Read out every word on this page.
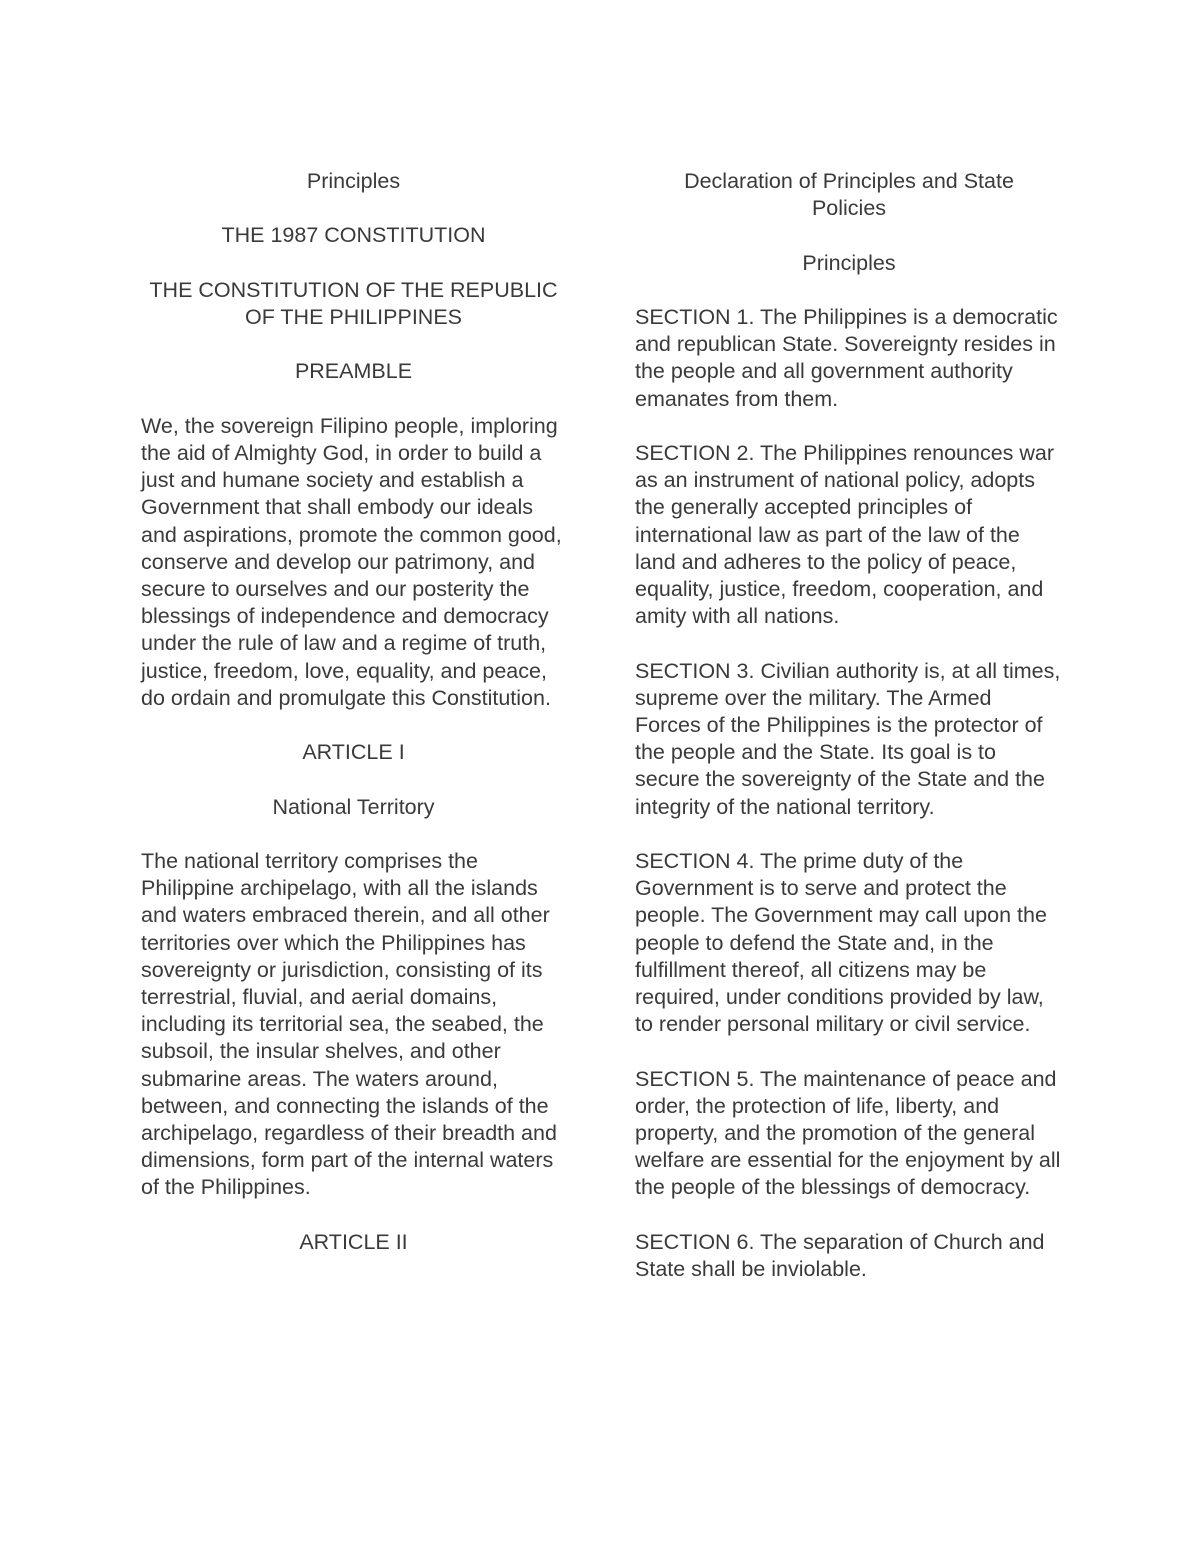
Principles
THE 1987 CONSTITUTION
THE CONSTITUTION OF THE REPUBLIC OF THE PHILIPPINES
PREAMBLE
We, the sovereign Filipino people, imploring the aid of Almighty God, in order to build a just and humane society and establish a Government that shall embody our ideals and aspirations, promote the common good, conserve and develop our patrimony, and secure to ourselves and our posterity the blessings of independence and democracy under the rule of law and a regime of truth, justice, freedom, love, equality, and peace, do ordain and promulgate this Constitution.
ARTICLE I
National Territory
The national territory comprises the Philippine archipelago, with all the islands and waters embraced therein, and all other territories over which the Philippines has sovereignty or jurisdiction, consisting of its terrestrial, fluvial, and aerial domains, including its territorial sea, the seabed, the subsoil, the insular shelves, and other submarine areas. The waters around, between, and connecting the islands of the archipelago, regardless of their breadth and dimensions, form part of the internal waters of the Philippines.
ARTICLE II
Declaration of Principles and State Policies
Principles
SECTION 1. The Philippines is a democratic and republican State. Sovereignty resides in the people and all government authority emanates from them.
SECTION 2. The Philippines renounces war as an instrument of national policy, adopts the generally accepted principles of international law as part of the law of the land and adheres to the policy of peace, equality, justice, freedom, cooperation, and amity with all nations.
SECTION 3. Civilian authority is, at all times, supreme over the military. The Armed Forces of the Philippines is the protector of the people and the State. Its goal is to secure the sovereignty of the State and the integrity of the national territory.
SECTION 4. The prime duty of the Government is to serve and protect the people. The Government may call upon the people to defend the State and, in the fulfillment thereof, all citizens may be required, under conditions provided by law, to render personal military or civil service.
SECTION 5. The maintenance of peace and order, the protection of life, liberty, and property, and the promotion of the general welfare are essential for the enjoyment by all the people of the blessings of democracy.
SECTION 6. The separation of Church and State shall be inviolable.
